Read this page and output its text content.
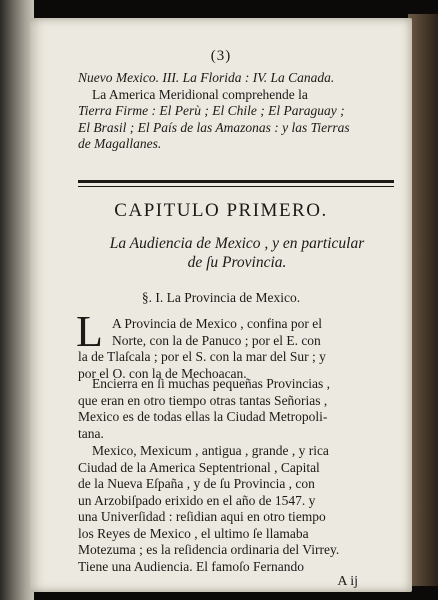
(3)
Nuevo Mexico. III. La Florida : IV. La Canada.
La America Meridional comprehende la
Tierra Firme : El Perù ; El Chile ; El Paraguay ;
El Brasil ; El País de las Amazonas : y las Tierras
de Magallanes.
CAPITULO PRIMERO.
La Audiencia de Mexico , y en particular
de ſu Provincia.
§. I. La Provincia de Mexico.
L A Provincia de Mexico , confina por el
Norte, con la de Panuco ; por el E. con
la de Tlaſcala ; por el S. con la mar del Sur ; y
por el O. con la de Mechoacan.
Encierra en ſi muchas pequeñas Provincias ,
que eran en otro tiempo otras tantas Señorias ,
Mexico es de todas ellas la Ciudad Metropoli-
tana.
Mexico, Mexicum , antigua , grande , y rica
Ciudad de la America Septentrional , Capital
de la Nueva Eſpaña , y de ſu Provincia , con
un Arzobiſpado erixido en el año de 1547. y
una Univerſidad : reſidian aqui en otro tiempo
los Reyes de Mexico , el ultimo ſe llamaba
Motezuma ; es la reſidencia ordinaria del Virrey.
Tiene una Audiencia. El famoſo Fernando
A ij
